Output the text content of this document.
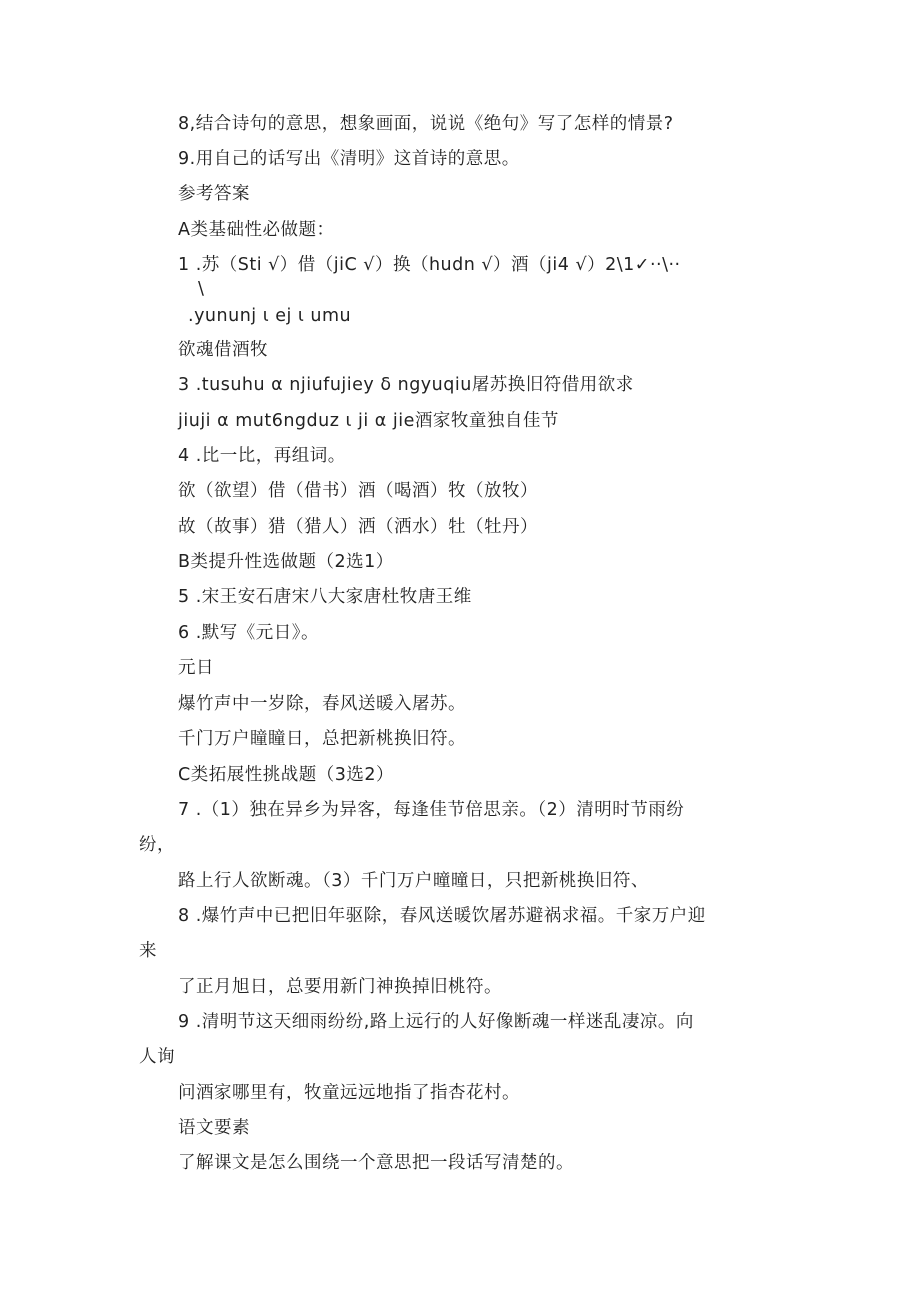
8,结合诗句的意思，想象画面，说说《绝句》写了怎样的情景?
9.用自己的话写出《清明》这首诗的意思。
参考答案
A类基础性必做题：
1 .苏（Sti √）借（jiC √）换（hudn √）酒（ji4 √）2\1✓··\··
\
.yununj ι ej ι umu
欲魂借酒牧
3 .tusuhu α njiufujiey δ ngyuqiu屠苏换旧符借用欲求
jiuji α mut6ngduz ι ji α jie酒家牧童独自佳节
4 .比一比，再组词。
欲（欲望）借（借书）酒（喝酒）牧（放牧）
故（故事）猎（猎人）洒（洒水）牡（牡丹）
B类提升性选做题（2选1）
5 .宋王安石唐宋八大家唐杜牧唐王维
6 .默写《元日》。
元日
爆竹声中一岁除，春风送暖入屠苏。
千门万户瞳瞳日，总把新桃换旧符。
C类拓展性挑战题（3选2）
7 .（1）独在异乡为异客，每逢佳节倍思亲。（2）清明时节雨纷
纷，
路上行人欲断魂。（3）千门万户曈曈日，只把新桃换旧符、
8 .爆竹声中已把旧年驱除，春风送暖饮屠苏避祸求福。千家万户迎
来
了正月旭日，总要用新门神换掉旧桃符。
9 .清明节这天细雨纷纷,路上远行的人好像断魂一样迷乱凄凉。向
人询
问酒家哪里有，牧童远远地指了指杏花村。
语文要素
了解课文是怎么围绕一个意思把一段话写清楚的。
